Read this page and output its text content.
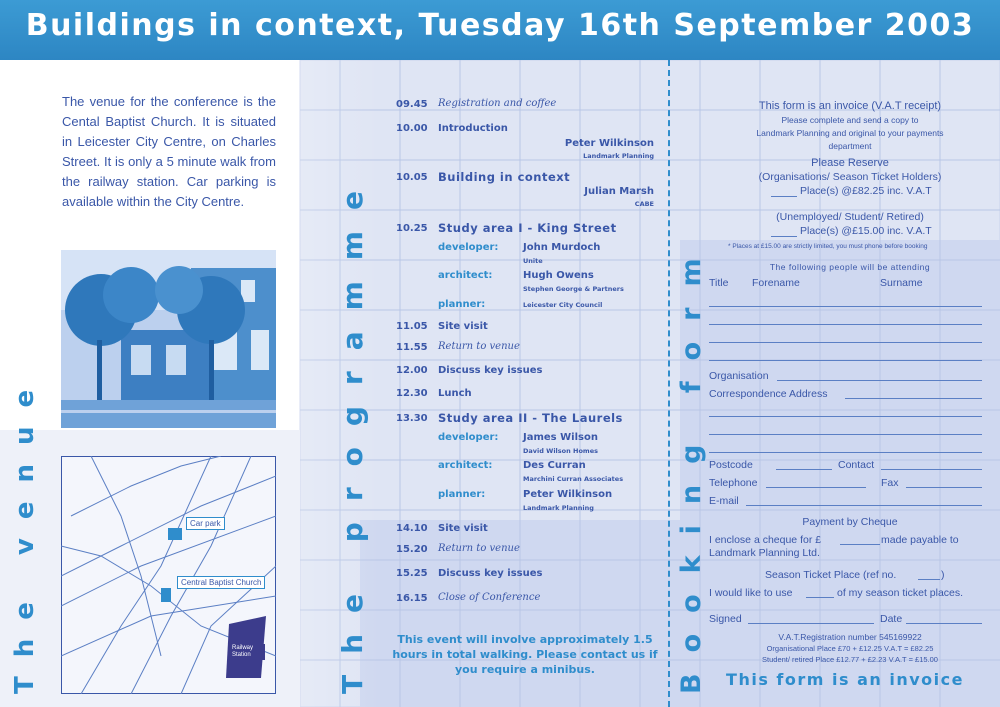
Buildings in context, Tuesday 16th September 2003
The venue	The programme	Booking form
The venue for the conference is the Cental Baptist Church. It is situated in Leicester City Centre, on Charles Street. It is only a 5 minute walk from the railway station. Car parking is available within the City Centre.
Car park
Central Baptist Church
Railway Station
09.45 Registration and coffee
10.00 Introduction
Peter Wilkinson
Landmark Planning
10.05 Building in context
Julian Marsh
CABE
10.25 Study area I - King Street
developer: John Murdoch
Unite
architect:	Hugh Owens
Stephen George & Partners
planner:	Leicester City Council
11.05 Site visit
11.55 Return to venue
12.00 Discuss key issues
12.30 Lunch
13.30 Study area II - The Laurels
developer: James Wilson
David Wilson Homes
architect:	Des Curran
Marchini Curran Associates
planner:	Peter Wilkinson
Landmark Planning
14.10 Site visit
15.20 Return to venue
15.25 Discuss key issues
16.15 Close of Conference
This event will involve approximately 1.5 hours in total walking. Please contact us if you require a minibus.
This form is an invoice (V.A.T receipt)
Please complete and send a copy to
Landmark Planning and original to your payments
department
Please Reserve
(Organisations/ Season Ticket Holders)
Place(s) @£82.25 inc. V.A.T
(Unemployed/ Student/ Retired)
Place(s) @£15.00 inc. V.A.T
* Places at £15.00 are strictly limited, you must phone before booking
The following people will be attending
Title Forename	Surname
Organisation
Correspondence Address
Postcode	Contact
Telephone	Fax
E-mail
Payment by Cheque
I enclose a cheque for £	made payable to
Landmark Planning Ltd.
Season Ticket Place (ref no.	)
I would like to use	of my season ticket places.
Signed	Date
V.A.T.Registration number 545169922
Organisational Place £70 + £12.25 V.A.T = £82.25
Student/ retired Place £12.77 + £2.23 V.A.T = £15.00
This form is an invoice
